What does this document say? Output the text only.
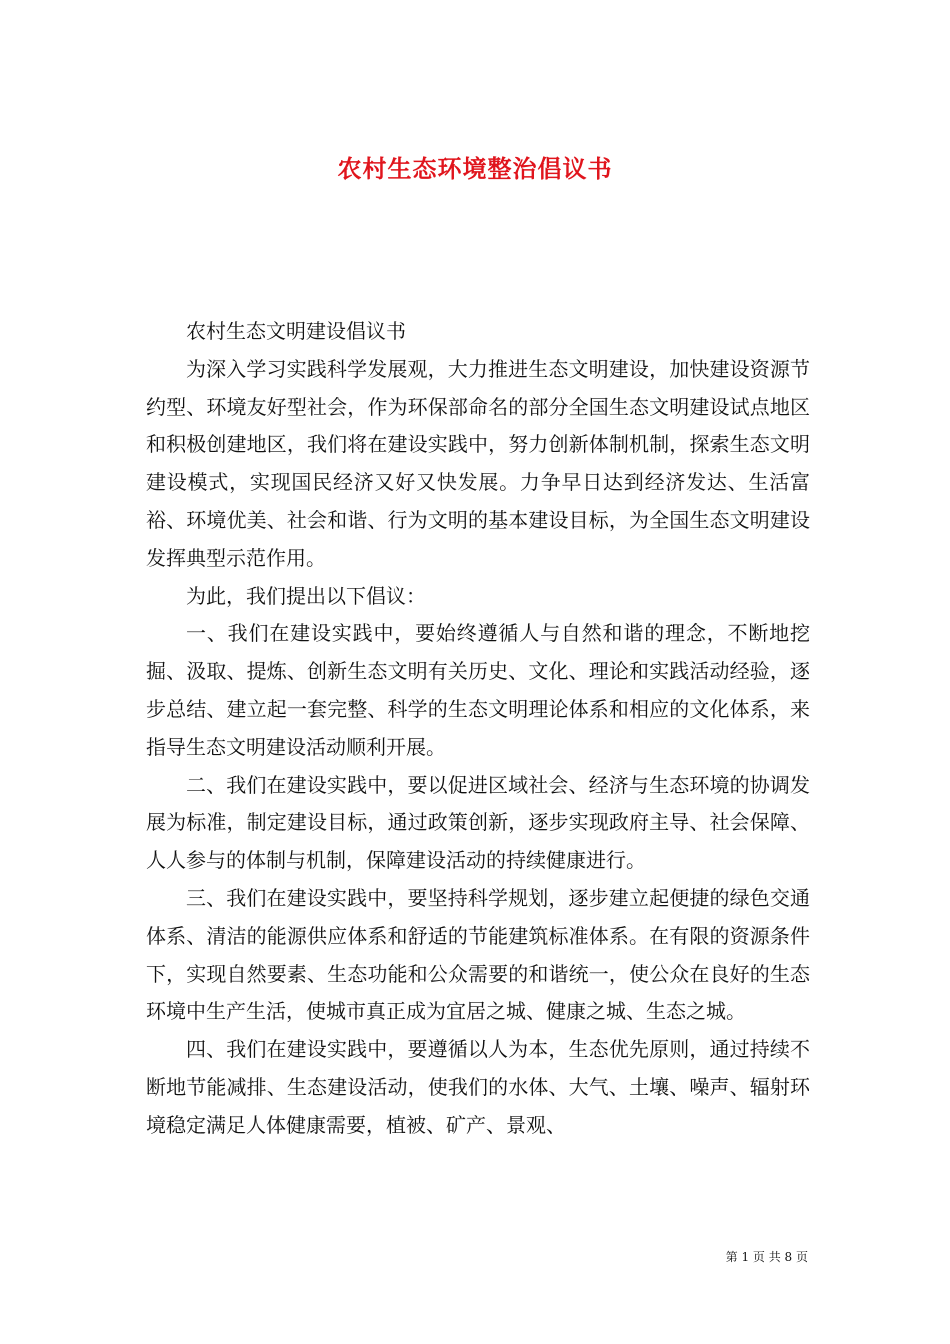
农村生态环境整治倡议书

农村生态文明建设倡议书

为深入学习实践科学发展观，大力推进生态文明建设，加快建设资源节约型、环境友好型社会，作为环保部命名的部分全国生态文明建设试点地区和积极创建地区，我们将在建设实践中，努力创新体制机制，探索生态文明建设模式，实现国民经济又好又快发展。力争早日达到经济发达、生活富裕、环境优美、社会和谐、行为文明的基本建设目标，为全国生态文明建设发挥典型示范作用。

为此，我们提出以下倡议：

一、我们在建设实践中，要始终遵循人与自然和谐的理念，不断地挖掘、汲取、提炼、创新生态文明有关历史、文化、理论和实践活动经验，逐步总结、建立起一套完整、科学的生态文明理论体系和相应的文化体系，来指导生态文明建设活动顺利开展。

二、我们在建设实践中，要以促进区域社会、经济与生态环境的协调发展为标准，制定建设目标，通过政策创新，逐步实现政府主导、社会保障、人人参与的体制与机制，保障建设活动的持续健康进行。

三、我们在建设实践中，要坚持科学规划，逐步建立起便捷的绿色交通体系、清洁的能源供应体系和舒适的节能建筑标准体系。在有限的资源条件下，实现自然要素、生态功能和公众需要的和谐统一，使公众在良好的生态环境中生产生活，使城市真正成为宜居之城、健康之城、生态之城。

四、我们在建设实践中，要遵循以人为本，生态优先原则，通过持续不断地节能减排、生态建设活动，使我们的水体、大气、土壤、噪声、辐射环境稳定满足人体健康需要，植被、矿产、景观、

第 1 页 共 8 页
